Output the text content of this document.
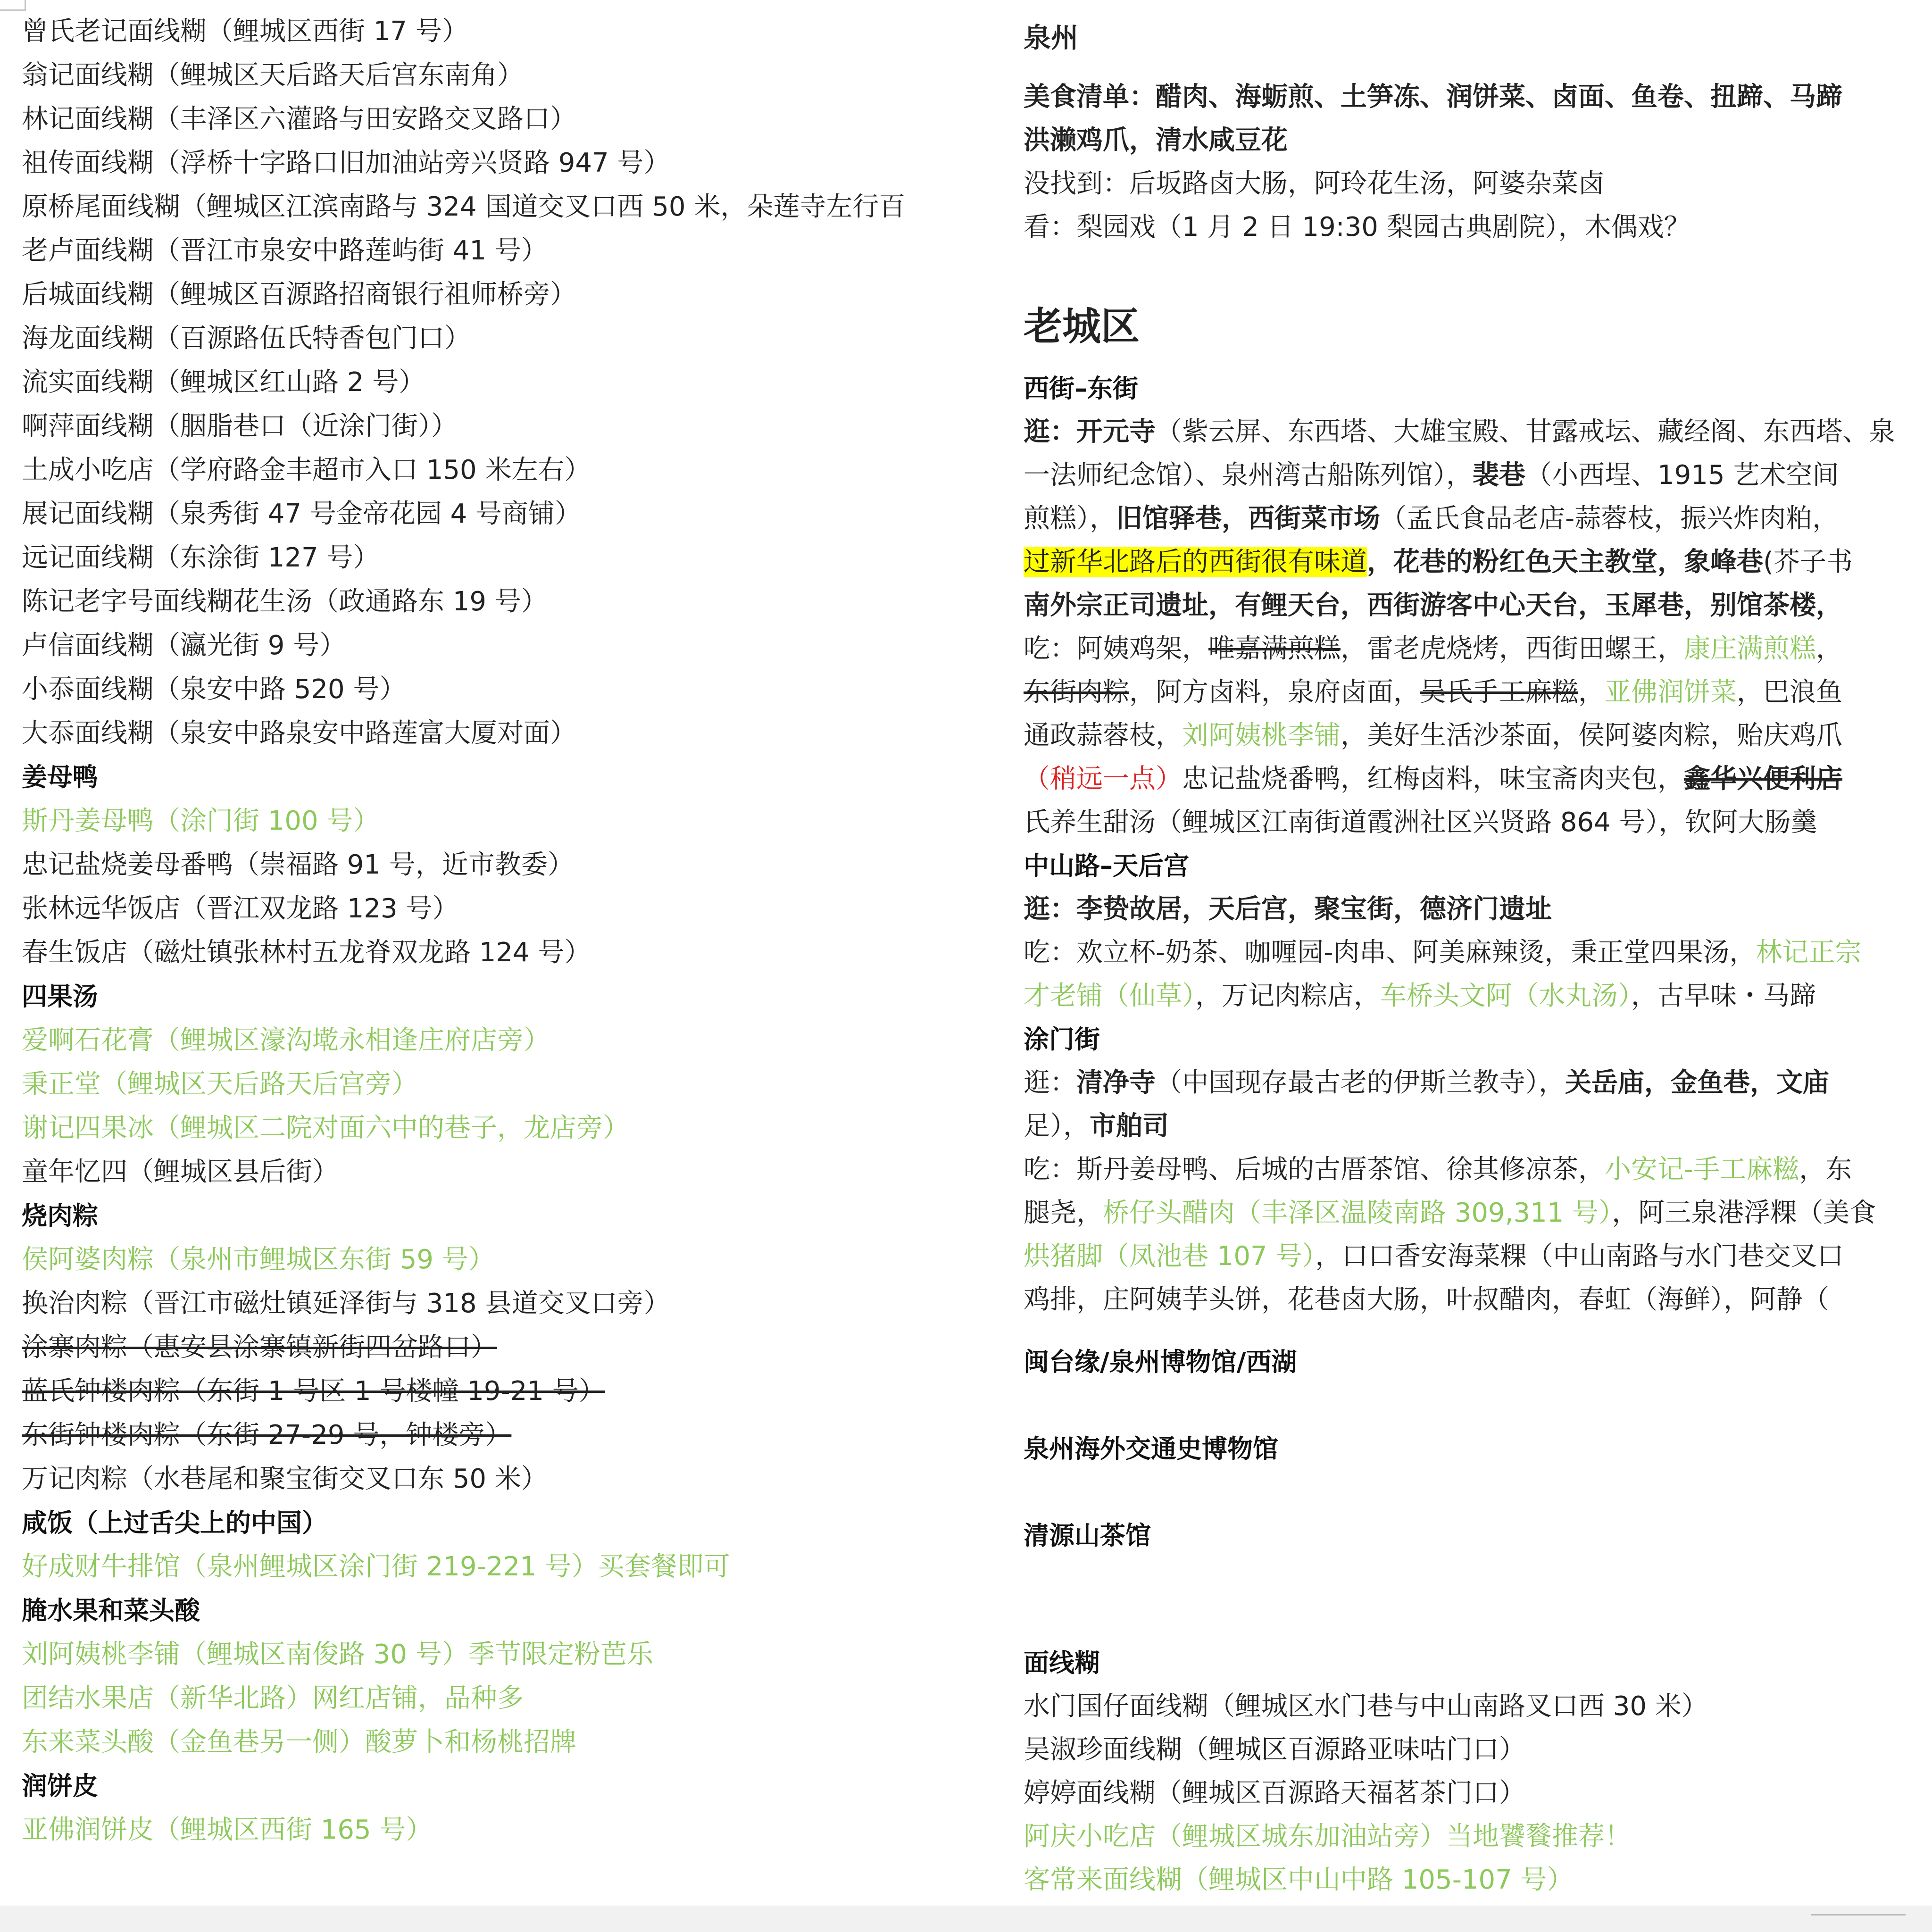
曾氏老记面线糊（鲤城区西街 17 号）
翁记面线糊（鲤城区天后路天后宫东南角）
林记面线糊（丰泽区六灌路与田安路交叉路口）
祖传面线糊（浮桥十字路口旧加油站旁兴贤路 947 号）
原桥尾面线糊（鲤城区江滨南路与 324 国道交叉口西 50 米，朵莲寺左行百
老卢面线糊（晋江市泉安中路莲屿街 41 号）
后城面线糊（鲤城区百源路招商银行祖师桥旁）
海龙面线糊（百源路伍氏特香包门口）
流实面线糊（鲤城区红山路 2 号）
啊萍面线糊（胭脂巷口（近涂门街））
土成小吃店（学府路金丰超市入口 150 米左右）
展记面线糊（泉秀街 47 号金帝花园 4 号商铺）
远记面线糊（东涂街 127 号）
陈记老字号面线糊花生汤（政通路东 19 号）
卢信面线糊（瀛光街 9 号）
小忝面线糊（泉安中路 520 号）
大忝面线糊（泉安中路泉安中路莲富大厦对面）
姜母鸭
斯丹姜母鸭（涂门街 100 号）
忠记盐烧姜母番鸭（崇福路 91 号，近市教委）
张林远华饭店（晋江双龙路 123 号）
春生饭店（磁灶镇张林村五龙脊双龙路 124 号）
四果汤
爱啊石花膏（鲤城区濠沟墘永相逢庄府店旁）
秉正堂（鲤城区天后路天后宫旁）
谢记四果冰（鲤城区二院对面六中的巷子，龙店旁）
童年忆四（鲤城区县后街）
烧肉粽
侯阿婆肉粽（泉州市鲤城区东街 59 号）
换治肉粽（晋江市磁灶镇延泽街与 318 县道交叉口旁）
涂寨肉粽（惠安县涂寨镇新街四岔路口）
蓝氏钟楼肉粽（东街 1 号区 1 号楼幢 19-21 号）
东街钟楼肉粽（东街 27-29 号，钟楼旁）
万记肉粽（水巷尾和聚宝街交叉口东 50 米）
咸饭（上过舌尖上的中国）
好成财牛排馆（泉州鲤城区涂门街 219-221 号）买套餐即可
腌水果和菜头酸
刘阿姨桃李铺（鲤城区南俊路 30 号）季节限定粉芭乐
团结水果店（新华北路）网红店铺，品种多
东来菜头酸（金鱼巷另一侧）酸萝卜和杨桃招牌
润饼皮
亚佛润饼皮（鲤城区西街 165 号）
泉州
美食清单：醋肉、海蛎煎、土笋冻、润饼菜、卤面、鱼卷、扭蹄、马蹄
洪濑鸡爪，清水咸豆花
没找到：后坂路卤大肠，阿玲花生汤，阿婆杂菜卤
看：梨园戏（1 月 2 日 19:30 梨园古典剧院），木偶戏？
老城区
西街–东街
逛：开元寺（紫云屏、东西塔、大雄宝殿、甘露戒坛、藏经阁、东西塔、泉
一法师纪念馆）、泉州湾古船陈列馆），裴巷（小西埕、1915 艺术空间
煎糕），旧馆驿巷，西街菜市场（孟氏食品老店-蒜蓉枝，振兴炸肉粕，
过新华北路后的西街很有味道，花巷的粉红色天主教堂，象峰巷(芥子书
南外宗正司遗址，有鲤天台，西街游客中心天台，玉犀巷，别馆茶楼，
吃：阿姨鸡架，唯嘉满煎糕，雷老虎烧烤，西街田螺王，康庄满煎糕，
东街肉粽，阿方卤料，泉府卤面，吴氏手工麻糍，亚佛润饼菜，巴浪鱼
通政蒜蓉枝，刘阿姨桃李铺，美好生活沙茶面，侯阿婆肉粽，贻庆鸡爪
（稍远一点）忠记盐烧番鸭，红梅卤料，味宝斋肉夹包，鑫华兴便利店
氏养生甜汤（鲤城区江南街道霞洲社区兴贤路 864 号），钦阿大肠羹
中山路–天后宫
逛：李贽故居，天后宫，聚宝街，德济门遗址
吃：欢立杯-奶茶、咖喱园-肉串、阿美麻辣烫，秉正堂四果汤，林记正宗
才老铺（仙草），万记肉粽店，车桥头文阿（水丸汤），古早味・马蹄
涂门街
逛：清净寺（中国现存最古老的伊斯兰教寺），关岳庙，金鱼巷，文庙
足），市舶司
吃：斯丹姜母鸭、后城的古厝茶馆、徐其修凉茶，小安记-手工麻糍，东
腿尧，桥仔头醋肉（丰泽区温陵南路 309,311 号），阿三泉港浮粿（美食
烘猪脚（凤池巷 107 号），口口香安海菜粿（中山南路与水门巷交叉口
鸡排，庄阿姨芋头饼，花巷卤大肠，叶叔醋肉，春虹（海鲜），阿静（
闽台缘/泉州博物馆/西湖
泉州海外交通史博物馆
清源山茶馆
面线糊
水门国仔面线糊（鲤城区水门巷与中山南路叉口西 30 米）
吴淑珍面线糊（鲤城区百源路亚味咕门口）
婷婷面线糊（鲤城区百源路天福茗茶门口）
阿庆小吃店（鲤城区城东加油站旁）当地饕餮推荐！
客常来面线糊（鲤城区中山中路 105-107 号）
